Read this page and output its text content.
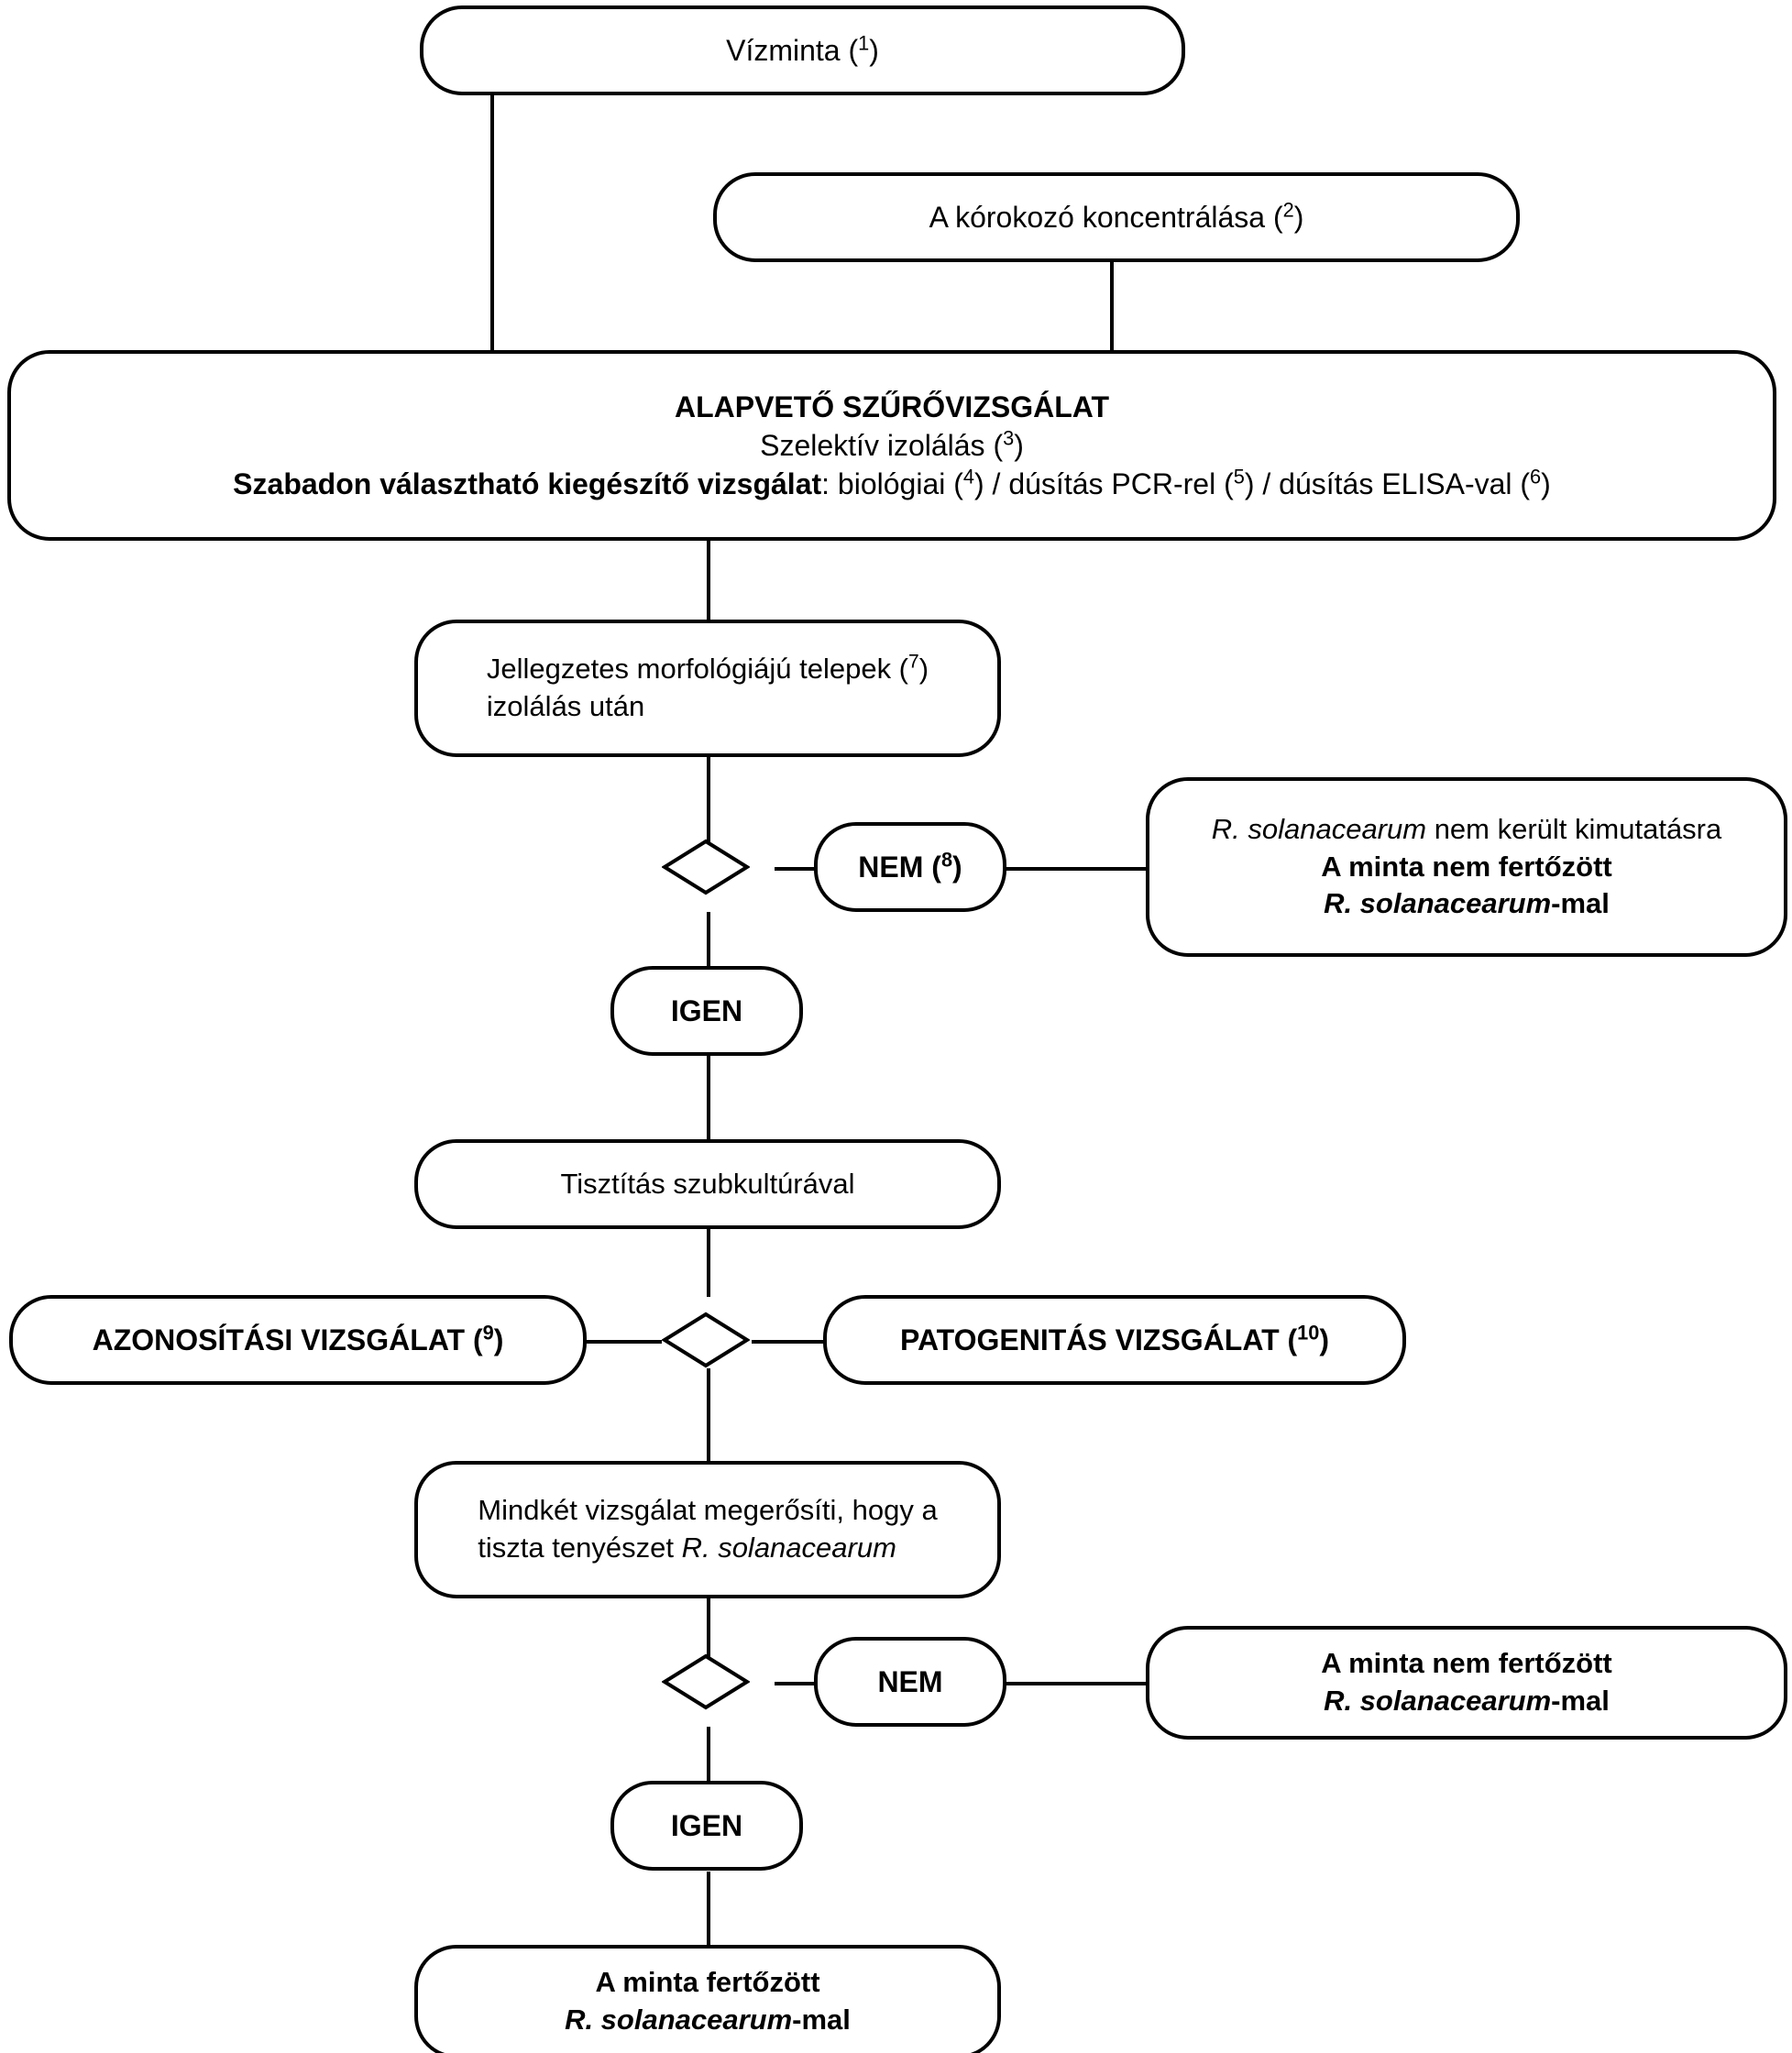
Vízminta ($^1$)
A kórokozó koncentrálása ($^2$)
ALAPVETŐ SZŰRŐVIZSGÁLAT
Szelektív izolálás ($^3$)
Szabadon választható kiegészítő vizsgálat: biológiai ($^4$) / dúsítás PCR-rel ($^5$) / dúsítás ELISA-val ($^6$)
Jellegzetes morfológiájú telepek ($^7$)
izolálás után
NEM ($^8$)
R. solanacearum nem került kimutatásra
A minta nem fertőzött
R. solanacearum-mal
IGEN
Tisztítás szubkultúrával
AZONOSÍTÁSI VIZSGÁLAT ($^9$)	PATOGENITÁS VIZSGÁLAT ($^{10}$)
Mindkét vizsgálat megerősíti, hogy a
tiszta tenyészet R. solanacearum
NEM
A minta nem fertőzött
R. solanacearum-mal
IGEN
A minta fertőzött
R. solanacearum-mal
